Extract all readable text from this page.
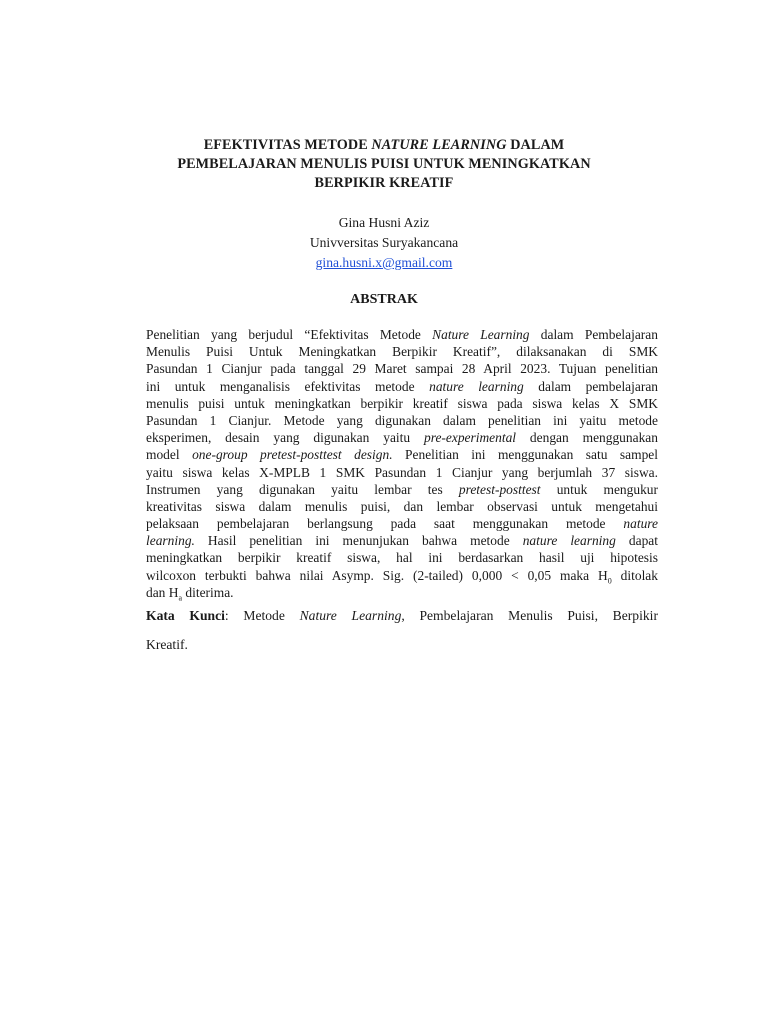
EFEKTIVITAS METODE NATURE LEARNING DALAM
PEMBELAJARAN MENULIS PUISI UNTUK MENINGKATKAN
BERPIKIR KREATIF
Gina Husni Aziz
Univversitas Suryakancana
gina.husni.x@gmail.com
ABSTRAK
Penelitian yang berjudul “Efektivitas Metode Nature Learning dalam Pembelajaran
Menulis Puisi Untuk Meningkatkan Berpikir Kreatif”, dilaksanakan di SMK
Pasundan 1 Cianjur pada tanggal 29 Maret sampai 28 April 2023. Tujuan penelitian
ini untuk menganalisis efektivitas metode nature learning dalam pembelajaran
menulis puisi untuk meningkatkan berpikir kreatif siswa pada siswa kelas X SMK
Pasundan 1 Cianjur. Metode yang digunakan dalam penelitian ini yaitu metode
eksperimen, desain yang digunakan yaitu pre-experimental dengan menggunakan
model one-group pretest-posttest design. Penelitian ini menggunakan satu sampel
yaitu siswa kelas X-MPLB 1 SMK Pasundan 1 Cianjur yang berjumlah 37 siswa.
Instrumen yang digunakan yaitu lembar tes pretest-posttest untuk mengukur
kreativitas siswa dalam menulis puisi, dan lembar observasi untuk mengetahui
pelaksaan pembelajaran berlangsung pada saat menggunakan metode nature
learning. Hasil penelitian ini menunjukan bahwa metode nature learning dapat
meningkatkan berpikir kreatif siswa, hal ini berdasarkan hasil uji hipotesis
wilcoxon terbukti bahwa nilai Asymp. Sig. (2-tailed) 0,000 < 0,05 maka $H_0$ ditolak
dan $H_a$ diterima.
Kata Kunci: Metode Nature Learning, Pembelajaran Menulis Puisi, Berpikir
Kreatif.
